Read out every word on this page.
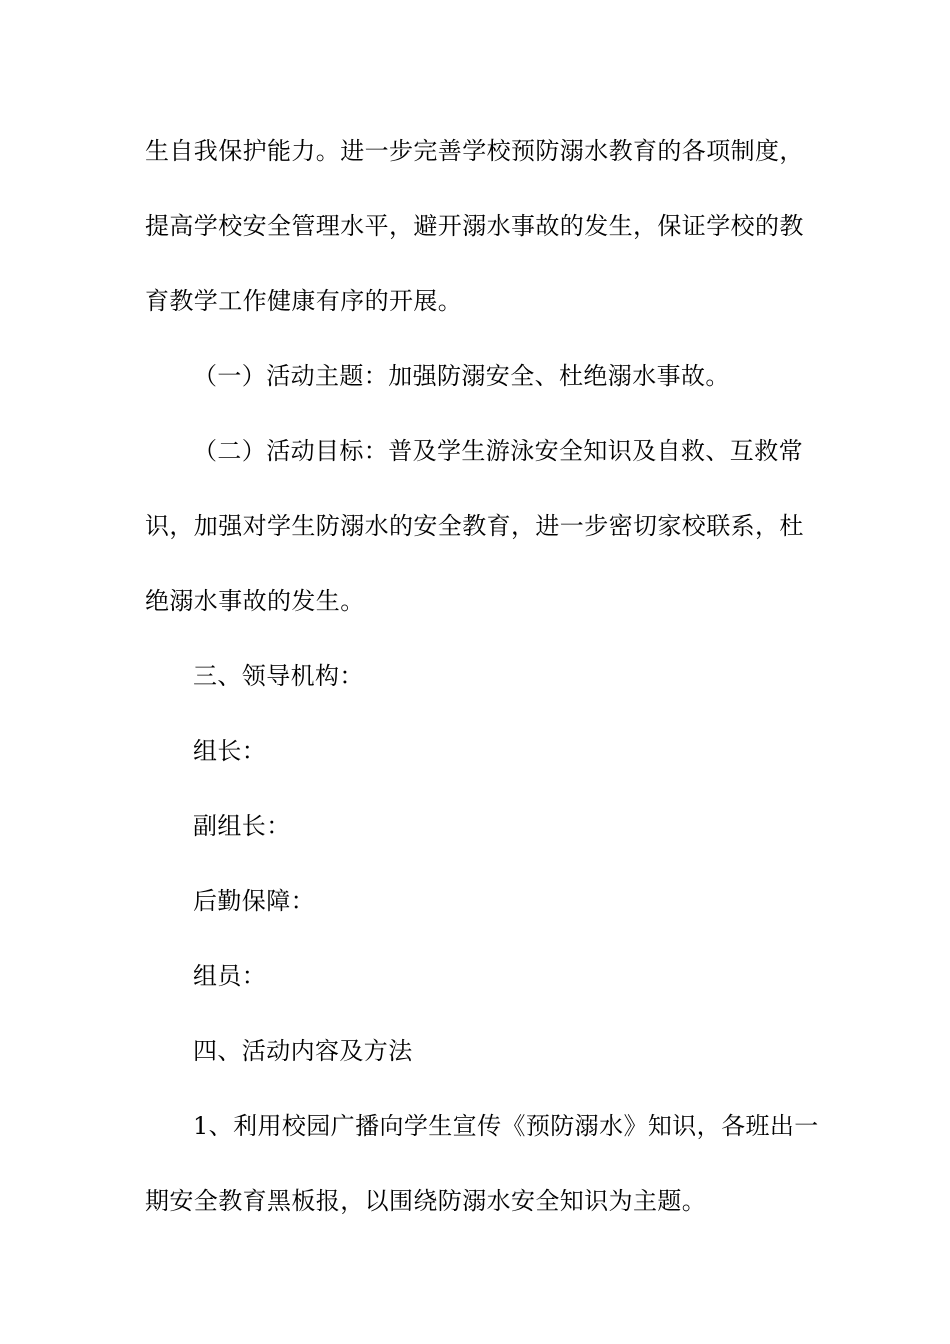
生自我保护能力。进一步完善学校预防溺水教育的各项制度，
提高学校安全管理水平，避开溺水事故的发生，保证学校的教
育教学工作健康有序的开展。
（一）活动主题：加强防溺安全、杜绝溺水事故。
（二）活动目标：普及学生游泳安全知识及自救、互救常
识，加强对学生防溺水的安全教育，进一步密切家校联系，杜
绝溺水事故的发生。
三、领导机构：
组长：
副组长：
后勤保障：
组员：
四、活动内容及方法
1、利用校园广播向学生宣传《预防溺水》知识，各班出一
期安全教育黑板报，以围绕防溺水安全知识为主题。
